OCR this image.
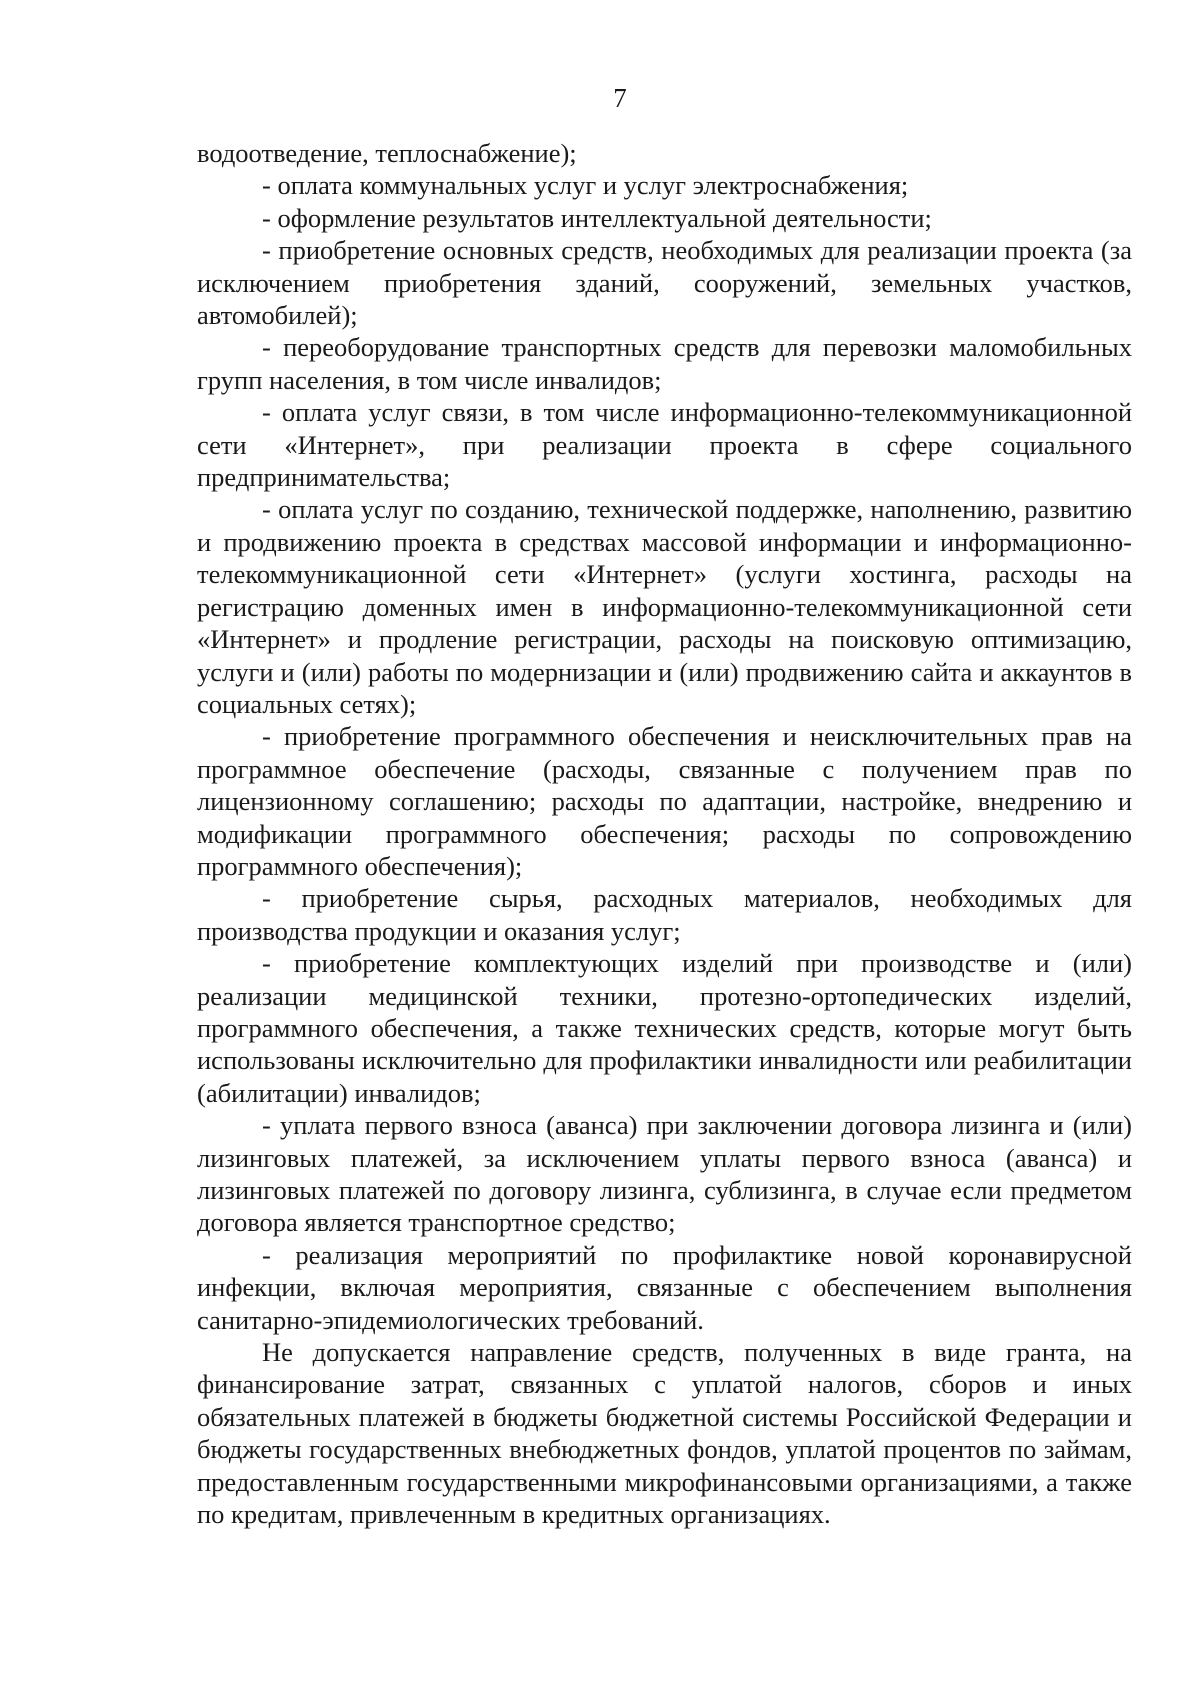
7

водоотведение, теплоснабжение);

- оплата коммунальных услуг и услуг электроснабжения;

- оформление результатов интеллектуальной деятельности;

- приобретение основных средств, необходимых для реализации проекта (за исключением приобретения зданий, сооружений, земельных участков, автомобилей);

- переоборудование транспортных средств для перевозки маломобильных групп населения, в том числе инвалидов;

- оплата услуг связи, в том числе информационно-телекоммуникационной сети «Интернет», при реализации проекта в сфере социального предпринимательства;

- оплата услуг по созданию, технической поддержке, наполнению, развитию и продвижению проекта в средствах массовой информации и информационно-телекоммуникационной сети «Интернет» (услуги хостинга, расходы на регистрацию доменных имен в информационно-телекоммуникационной сети «Интернет» и продление регистрации, расходы на поисковую оптимизацию, услуги и (или) работы по модернизации и (или) продвижению сайта и аккаунтов в социальных сетях);

- приобретение программного обеспечения и неисключительных прав на программное обеспечение (расходы, связанные с получением прав по лицензионному соглашению; расходы по адаптации, настройке, внедрению и модификации программного обеспечения; расходы по сопровождению программного обеспечения);

- приобретение сырья, расходных материалов, необходимых для производства продукции и оказания услуг;

- приобретение комплектующих изделий при производстве и (или) реализации медицинской техники, протезно-ортопедических изделий, программного обеспечения, а также технических средств, которые могут быть использованы исключительно для профилактики инвалидности или реабилитации (абилитации) инвалидов;

- уплата первого взноса (аванса) при заключении договора лизинга и (или) лизинговых платежей, за исключением уплаты первого взноса (аванса) и лизинговых платежей по договору лизинга, сублизинга, в случае если предметом договора является транспортное средство;

- реализация мероприятий по профилактике новой коронавирусной инфекции, включая мероприятия, связанные с обеспечением выполнения санитарно-эпидемиологических требований.

Не допускается направление средств, полученных в виде гранта, на финансирование затрат, связанных с уплатой налогов, сборов и иных обязательных платежей в бюджеты бюджетной системы Российской Федерации и бюджеты государственных внебюджетных фондов, уплатой процентов по займам, предоставленным государственными микрофинансовыми организациями, а также по кредитам, привлеченным в кредитных организациях.
